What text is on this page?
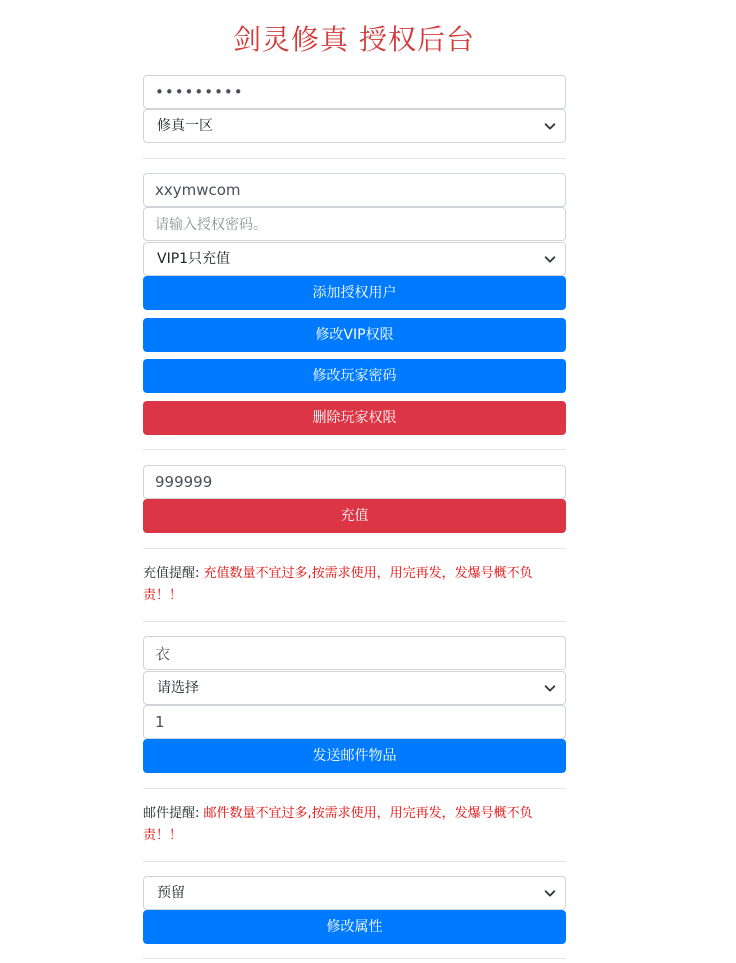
剑灵修真 授权后台
•••••••••
修真一区
xxymwcom
请输入授权密码。
VIP1只充值
添加授权用户
修改VIP权限
修改玩家密码
删除玩家权限
999999
充值
充值提醒: 充值数量不宜过多,按需求使用，用完再发，发爆号概不负责！！
衣
请选择
1
发送邮件物品
邮件提醒: 邮件数量不宜过多,按需求使用，用完再发，发爆号概不负责！！
预留
修改属性
